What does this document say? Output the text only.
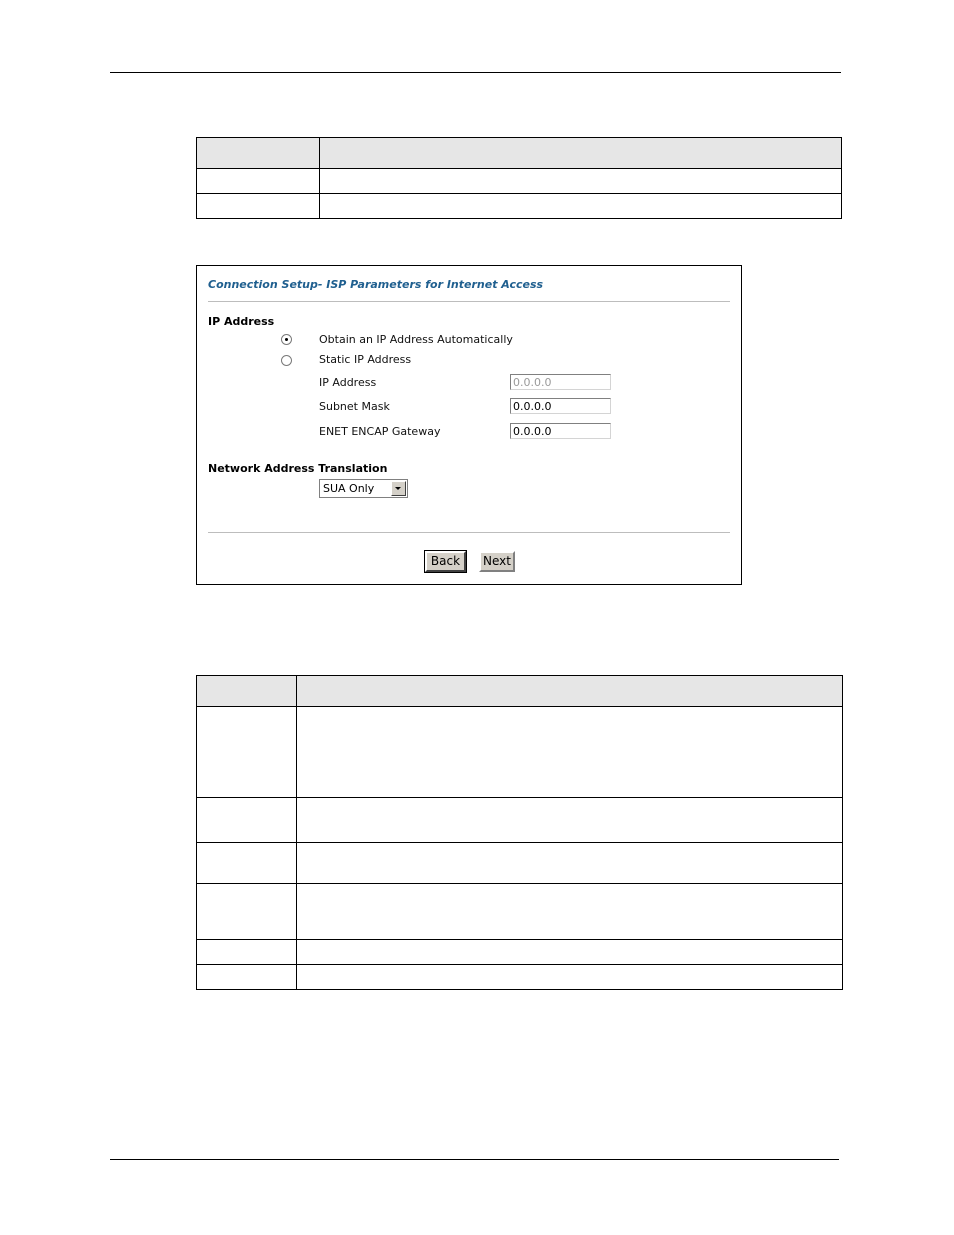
Connection Setup- ISP Parameters for Internet Access
IP Address
Obtain an IP Address Automatically
Static IP Address
IP Address
0.0.0.0
Subnet Mask
0.0.0.0
ENET ENCAP Gateway
0.0.0.0
Network Address Translation
SUA Only
Back	Next
